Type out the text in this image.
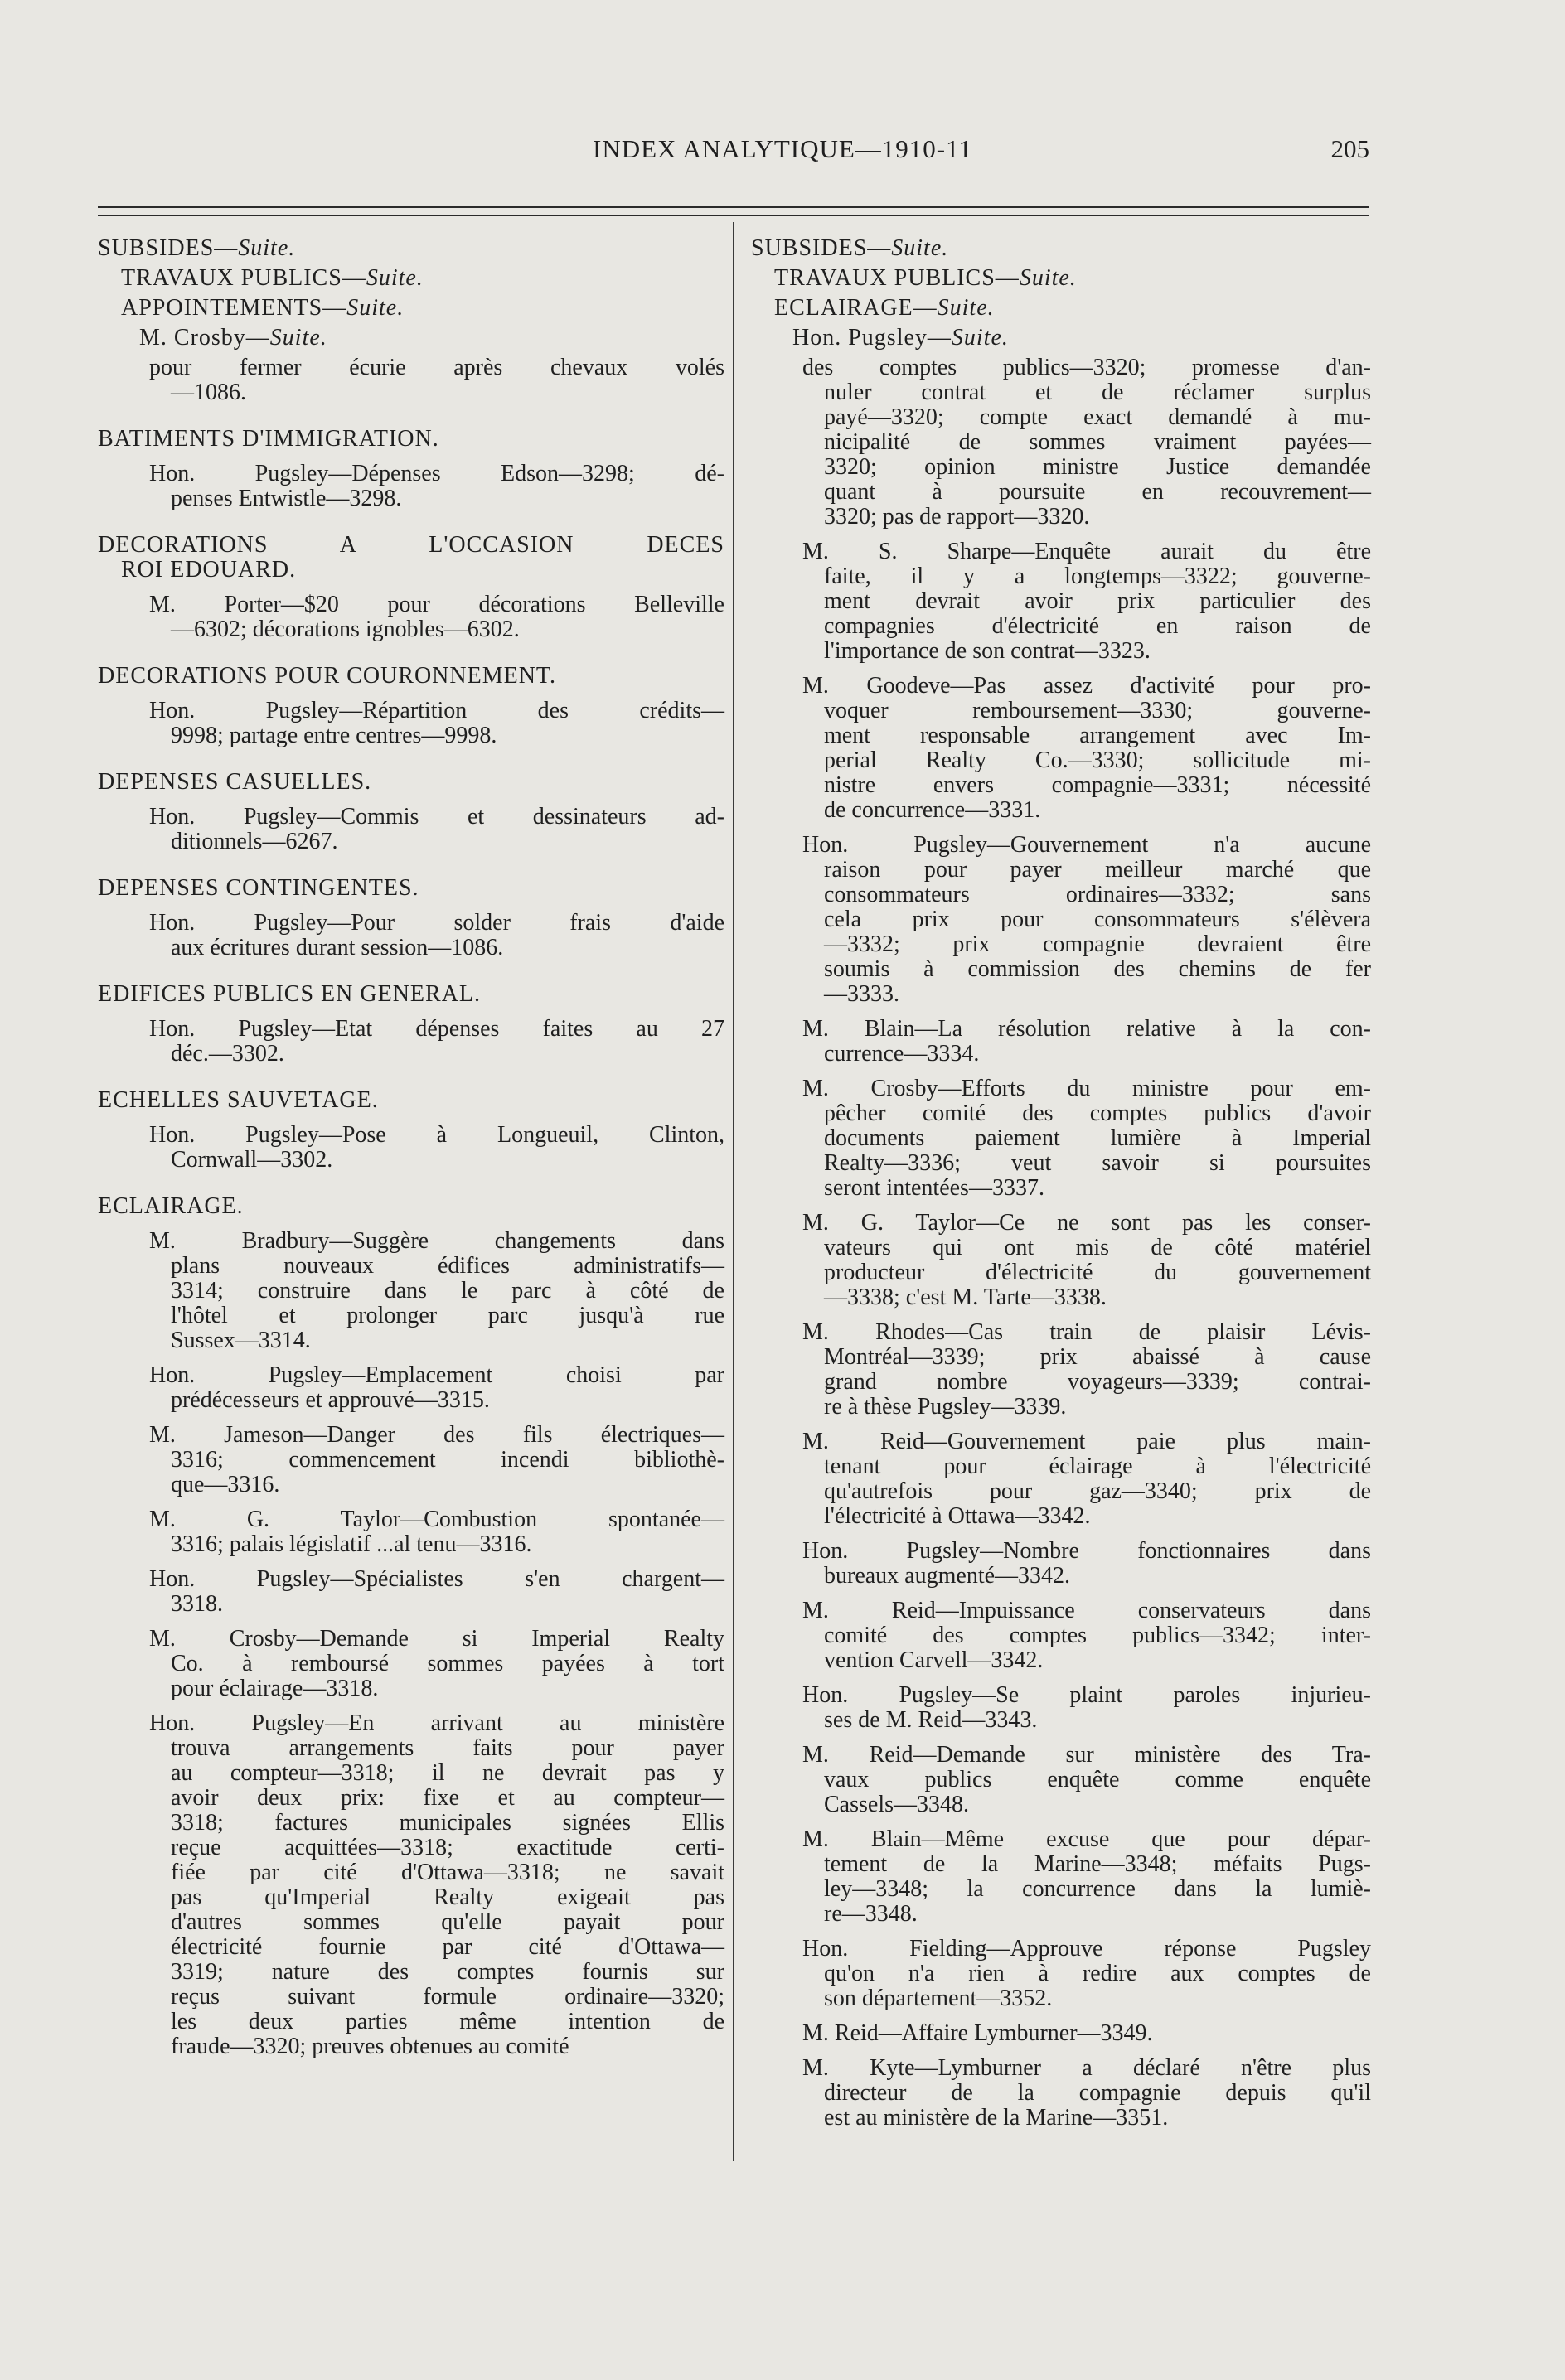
INDEX ANALYTIQUE—1910-11	205
SUBSIDES—Suite.
TRAVAUX PUBLICS—Suite.
APPOINTEMENTS—Suite.
M. Crosby—Suite.
pour fermer écurie après chevaux volés
—1086.
BATIMENTS D'IMMIGRATION.
Hon. Pugsley—Dépenses Edson—3298; dé-
penses Entwistle—3298.
DECORATIONS A L'OCCASION DECES
ROI EDOUARD.
M. Porter—$20 pour décorations Belleville
—6302; décorations ignobles—6302.
DECORATIONS POUR COURONNEMENT.
Hon. Pugsley—Répartition des crédits—
9998; partage entre centres—9998.
DEPENSES CASUELLES.
Hon. Pugsley—Commis et dessinateurs ad-
ditionnels—6267.
DEPENSES CONTINGENTES.
Hon. Pugsley—Pour solder frais d'aide
aux écritures durant session—1086.
EDIFICES PUBLICS EN GENERAL.
Hon. Pugsley—Etat dépenses faites au 27
déc.—3302.
ECHELLES SAUVETAGE.
Hon. Pugsley—Pose à Longueuil, Clinton,
Cornwall—3302.
ECLAIRAGE.
M. Bradbury—Suggère changements dans
plans nouveaux édifices administratifs—
3314; construire dans le parc à côté de
l'hôtel et prolonger parc jusqu'à rue
Sussex—3314.
Hon. Pugsley—Emplacement choisi par
prédécesseurs et approuvé—3315.
M. Jameson—Danger des fils électriques—
3316; commencement incendi bibliothè-
que—3316.
M. G. Taylor—Combustion spontanée—
3316; palais législatif ...al tenu—3316.
Hon. Pugsley—Spécialistes s'en chargent—
3318.
M. Crosby—Demande si Imperial Realty
Co. à remboursé sommes payées à tort
pour éclairage—3318.
Hon. Pugsley—En arrivant au ministère
trouva arrangements faits pour payer
au compteur—3318; il ne devrait pas y
avoir deux prix: fixe et au compteur—
3318; factures municipales signées Ellis
reçue acquittées—3318; exactitude certi-
fiée par cité d'Ottawa—3318; ne savait
pas qu'Imperial Realty exigeait pas
d'autres sommes qu'elle payait pour
électricité fournie par cité d'Ottawa—
3319; nature des comptes fournis sur
reçus suivant formule ordinaire—3320;
les deux parties même intention de
fraude—3320; preuves obtenues au comité
SUBSIDES—Suite.
TRAVAUX PUBLICS—Suite.
ECLAIRAGE—Suite.
Hon. Pugsley—Suite.
des comptes publics—3320; promesse d'an-
nuler contrat et de réclamer surplus
payé—3320; compte exact demandé à mu-
nicipalité de sommes vraiment payées—
3320; opinion ministre Justice demandée
quant à poursuite en recouvrement—
3320; pas de rapport—3320.
M. S. Sharpe—Enquête aurait du être
faite, il y a longtemps—3322; gouverne-
ment devrait avoir prix particulier des
compagnies d'électricité en raison de
l'importance de son contrat—3323.
M. Goodeve—Pas assez d'activité pour pro-
voquer remboursement—3330; gouverne-
ment responsable arrangement avec Im-
perial Realty Co.—3330; sollicitude mi-
nistre envers compagnie—3331; nécessité
de concurrence—3331.
Hon. Pugsley—Gouvernement n'a aucune
raison pour payer meilleur marché que
consommateurs ordinaires—3332; sans
cela prix pour consommateurs s'élèvera
—3332; prix compagnie devraient être
soumis à commission des chemins de fer
—3333.
M. Blain—La résolution relative à la con-
currence—3334.
M. Crosby—Efforts du ministre pour em-
pêcher comité des comptes publics d'avoir
documents paiement lumière à Imperial
Realty—3336; veut savoir si poursuites
seront intentées—3337.
M. G. Taylor—Ce ne sont pas les conser-
vateurs qui ont mis de côté matériel
producteur d'électricité du gouvernement
—3338; c'est M. Tarte—3338.
M. Rhodes—Cas train de plaisir Lévis-
Montréal—3339; prix abaissé à cause
grand nombre voyageurs—3339; contrai-
re à thèse Pugsley—3339.
M. Reid—Gouvernement paie plus main-
tenant pour éclairage à l'électricité
qu'autrefois pour gaz—3340; prix de
l'électricité à Ottawa—3342.
Hon. Pugsley—Nombre fonctionnaires dans
bureaux augmenté—3342.
M. Reid—Impuissance conservateurs dans
comité des comptes publics—3342; inter-
vention Carvell—3342.
Hon. Pugsley—Se plaint paroles injurieu-
ses de M. Reid—3343.
M. Reid—Demande sur ministère des Tra-
vaux publics enquête comme enquête
Cassels—3348.
M. Blain—Même excuse que pour dépar-
tement de la Marine—3348; méfaits Pugs-
ley—3348; la concurrence dans la lumiè-
re—3348.
Hon. Fielding—Approuve réponse Pugsley
qu'on n'a rien à redire aux comptes de
son département—3352.
M. Reid—Affaire Lymburner—3349.
M. Kyte—Lymburner a déclaré n'être plus
directeur de la compagnie depuis qu'il
est au ministère de la Marine—3351.
